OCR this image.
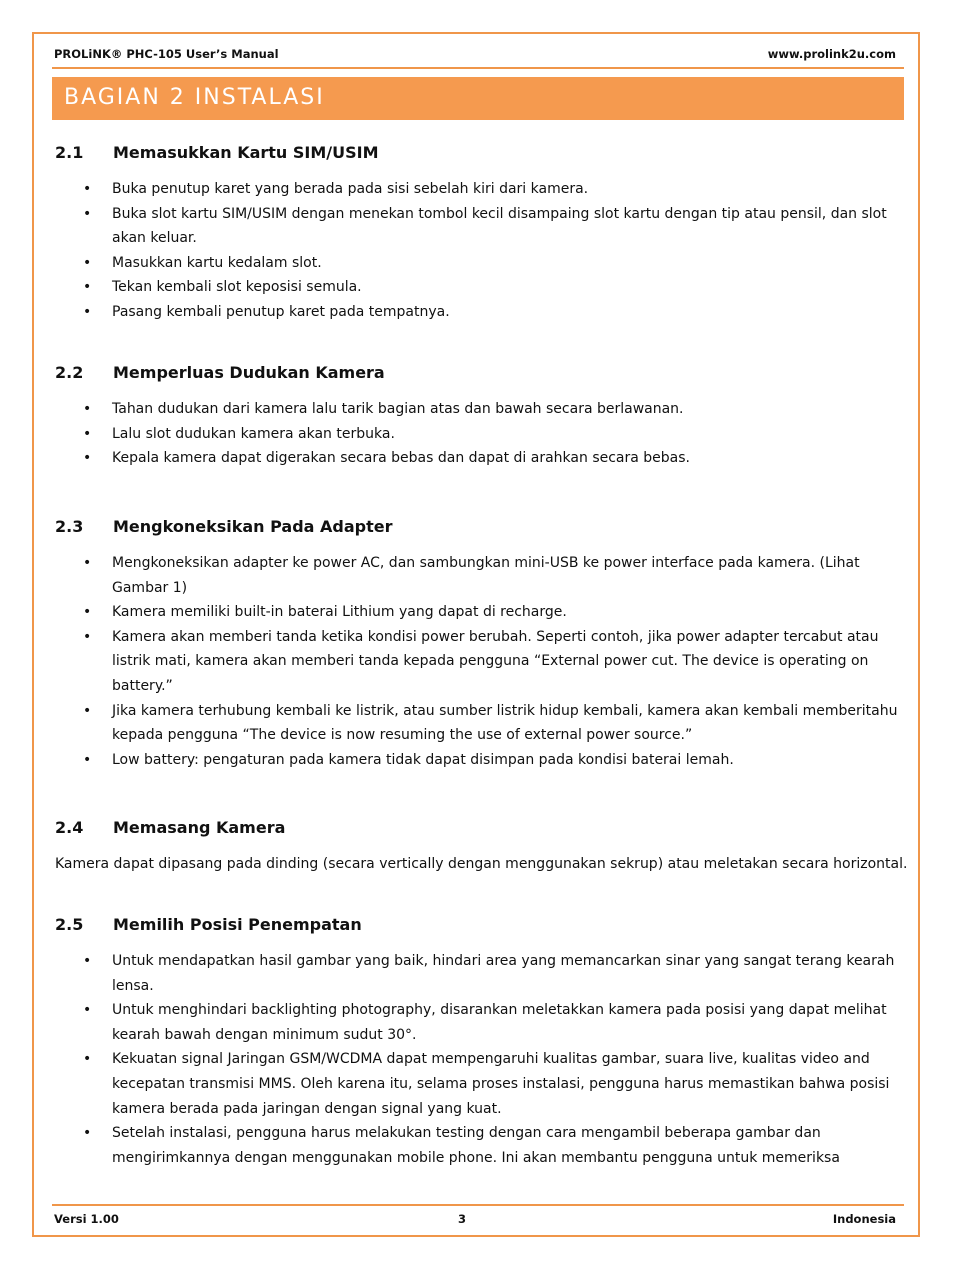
PROLiNK® PHC-105 User’s Manual	www.prolink2u.com
BAGIAN 2 INSTALASI
2.1 Memasukkan Kartu SIM/USIM
• Buka penutup karet yang berada pada sisi sebelah kiri dari kamera.
• Buka slot kartu SIM/USIM dengan menekan tombol kecil disampaing slot kartu dengan tip atau pensil, dan slot akan keluar.
• Masukkan kartu kedalam slot.
• Tekan kembali slot keposisi semula.
• Pasang kembali penutup karet pada tempatnya.
2.2 Memperluas Dudukan Kamera
• Tahan dudukan dari kamera lalu tarik bagian atas dan bawah secara berlawanan.
• Lalu slot dudukan kamera akan terbuka.
• Kepala kamera dapat digerakan secara bebas dan dapat di arahkan secara bebas.
2.3 Mengkoneksikan Pada Adapter
• Mengkoneksikan adapter ke power AC, dan sambungkan mini-USB ke power interface pada kamera. (Lihat Gambar 1)
• Kamera memiliki built-in baterai Lithium yang dapat di recharge.
• Kamera akan memberi tanda ketika kondisi power berubah. Seperti contoh, jika power adapter tercabut atau listrik mati, kamera akan memberi tanda kepada pengguna “External power cut. The device is operating on battery.”
• Jika kamera terhubung kembali ke listrik, atau sumber listrik hidup kembali, kamera akan kembali memberitahu kepada pengguna “The device is now resuming the use of external power source.”
• Low battery: pengaturan pada kamera tidak dapat disimpan pada kondisi baterai lemah.
2.4 Memasang Kamera
Kamera dapat dipasang pada dinding (secara vertically dengan menggunakan sekrup) atau meletakan secara horizontal.
2.5 Memilih Posisi Penempatan
• Untuk mendapatkan hasil gambar yang baik, hindari area yang memancarkan sinar yang sangat terang kearah lensa.
• Untuk menghindari backlighting photography, disarankan meletakkan kamera pada posisi yang dapat melihat kearah bawah dengan minimum sudut 30°.
• Kekuatan signal Jaringan GSM/WCDMA dapat mempengaruhi kualitas gambar, suara live, kualitas video and kecepatan transmisi MMS. Oleh karena itu, selama proses instalasi, pengguna harus memastikan bahwa posisi kamera berada pada jaringan dengan signal yang kuat.
• Setelah instalasi, pengguna harus melakukan testing dengan cara mengambil beberapa gambar dan mengirimkannya dengan menggunakan mobile phone. Ini akan membantu pengguna untuk memeriksa
Versi 1.00	3	Indonesia
